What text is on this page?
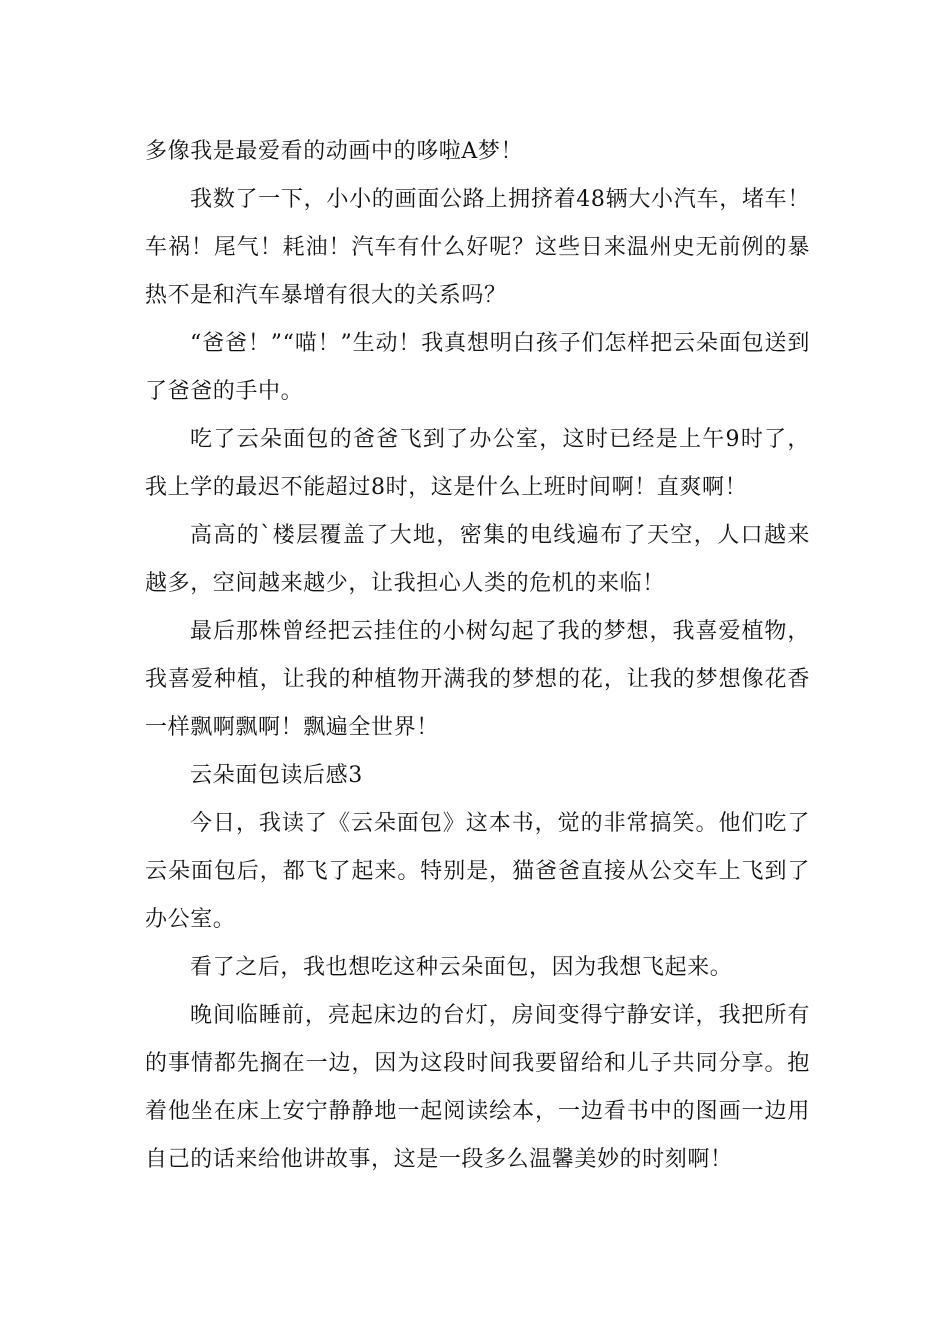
多像我是最爱看的动画中的哆啦A梦！

我数了一下，小小的画面公路上拥挤着48辆大小汽车，堵车！车祸！尾气！耗油！汽车有什么好呢？这些日来温州史无前例的暴热不是和汽车暴增有很大的关系吗？

“爸爸！”“喵！”生动！我真想明白孩子们怎样把云朵面包送到了爸爸的手中。

吃了云朵面包的爸爸飞到了办公室，这时已经是上午9时了，我上学的最迟不能超过8时，这是什么上班时间啊！直爽啊！

高高的`楼层覆盖了大地，密集的电线遍布了天空，人口越来越多，空间越来越少，让我担心人类的危机的来临！

最后那株曾经把云挂住的小树勾起了我的梦想，我喜爱植物，我喜爱种植，让我的种植物开满我的梦想的花，让我的梦想像花香一样飘啊飘啊！飘遍全世界！

云朵面包读后感3

今日，我读了《云朵面包》这本书，觉的非常搞笑。他们吃了云朵面包后，都飞了起来。特别是，猫爸爸直接从公交车上飞到了办公室。

看了之后，我也想吃这种云朵面包，因为我想飞起来。

晚间临睡前，亮起床边的台灯，房间变得宁静安详，我把所有的事情都先搁在一边，因为这段时间我要留给和儿子共同分享。抱着他坐在床上安宁静静地一起阅读绘本，一边看书中的图画一边用自己的话来给他讲故事，这是一段多么温馨美妙的时刻啊！
